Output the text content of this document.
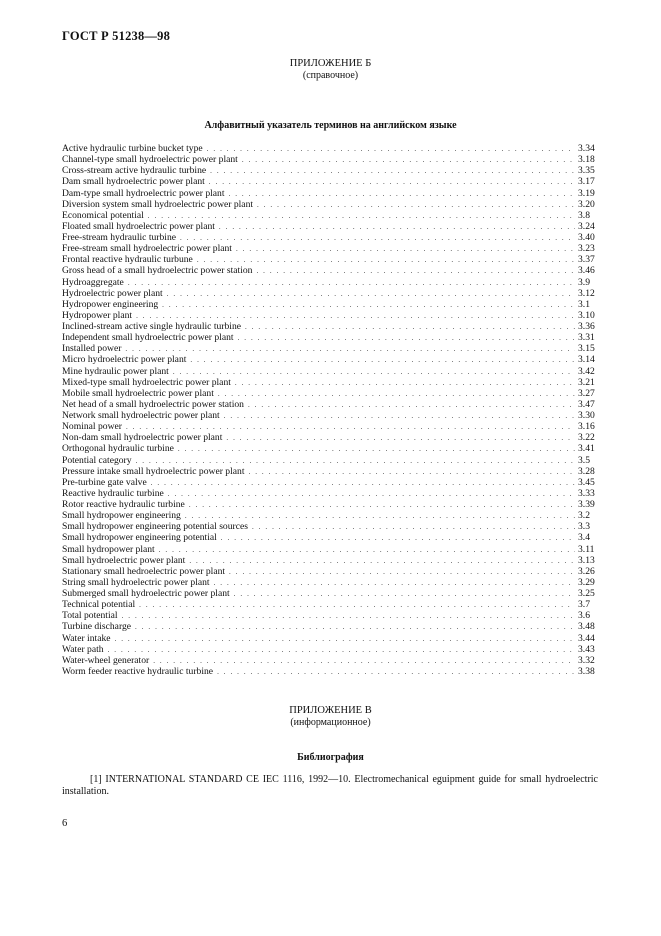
ГОСТ Р 51238—98
ПРИЛОЖЕНИЕ Б
(справочное)
Алфавитный указатель терминов на английском языке
Active hydraulic turbine bucket type . . .	3.34
Channel-type small hydroelectric power plant . . .	3.18
Cross-stream active hydraulic turbine . . .	3.35
Dam small hydroelectric power plant . . .	3.17
Dam-type small hydroelectric power plant . . .	3.19
Diversion system small hydroelectric power plant . . .	3.20
Economical potential . . .	3.8
Floated small hydroelectric power plant . . .	3.24
Free-stream hydraulic turbine . . .	3.40
Free-stream small hydroelectric power plant . . .	3.23
Frontal reactive hydraulic turbune . . .	3.37
Gross head of a small hydroelectric power station . . .	3.46
Hydroaggregate . . .	3.9
Hydroelectric power plant . . .	3.12
Hydropower engineering . . .	3.1
Hydropower plant . . .	3.10
Inclined-stream active single hydraulic turbine . . .	3.36
Independent small hydroelectric power plant . . .	3.31
Installed power . . .	3.15
Micro hydroelectric power plant . . .	3.14
Mine hydraulic power plant . . .	3.42
Mixed-type small hydroelectric power plant . . .	3.21
Mobile small hydroelectric power plant . . .	3.27
Net head of a small hydroelectric power station . . .	3.47
Network small hydroelectric power plant . . .	3.30
Nominal power . . .	3.16
Non-dam small hydroelectric power plant . . .	3.22
Orthogonal hydraulic turbine . . .	3.41
Potential category . . .	3.5
Pressure intake small hydroelectric power plant . . .	3.28
Pre-turbine gate valve . . .	3.45
Reactive hydraulic turbine . . .	3.33
Rotor reactive hydraulic turbine . . .	3.39
Small hydropower engineering . . .	3.2
Small hydropower engineering potential sources . . .	3.3
Small hydropower engineering potential . . .	3.4
Small hydropower plant . . .	3.11
Small hydroelectric power plant . . .	3.13
Stationary small hedroelectric power plant . . .	3.26
String small hydroelectric power plant . . .	3.29
Submerged small hydroelectric power plant . . .	3.25
Technical potential . . .	3.7
Total potential . . .	3.6
Turbine discharge . . .	3.48
Water intake . . .	3.44
Water path . . .	3.43
Water-wheel generator . . .	3.32
Worm feeder reactive hydraulic turbine . . .	3.38
ПРИЛОЖЕНИЕ В
(информационное)
Библиография
[1] INTERNATIONAL STANDARD CE IEC 1116, 1992—10. Electromechanical eguipment guide for small hydroelectric installation.
6
